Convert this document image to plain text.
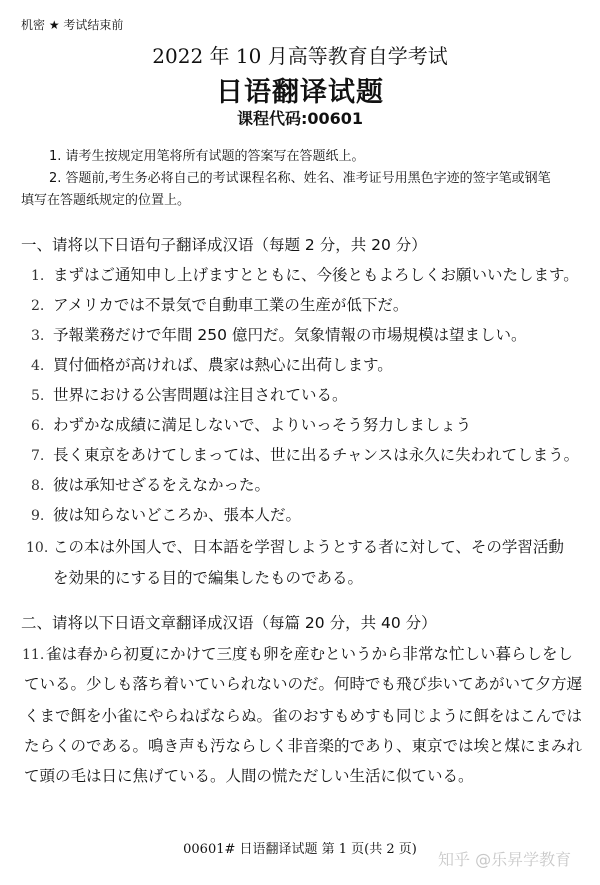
机密 ★ 考试结束前
2022 年 10 月高等教育自学考试
日语翻译试题
课程代码:00601
1. 请考生按规定用笔将所有试题的答案写在答题纸上。
2. 答题前,考生务必将自己的考试课程名称、姓名、准考证号用黑色字迹的签字笔或钢笔
填写在答题纸规定的位置上。
一、请将以下日语句子翻译成汉语（每题 2 分，共 20 分）
1. まずはご通知申し上げますとともに、今後ともよろしくお願いいたします。
2. アメリカでは不景気で自動車工業の生産が低下だ。
3. 予報業務だけで年間 250 億円だ。気象情報の市場規模は望ましい。
4. 買付価格が高ければ、農家は熱心に出荷します。
5. 世界における公害問題は注目されている。
6. わずかな成績に満足しないで、よりいっそう努力しましょう
7. 長く東京をあけてしまっては、世に出るチャンスは永久に失われてしまう。
8. 彼は承知せざるをえなかった。
9. 彼は知らないどころか、張本人だ。
10. この本は外国人で、日本語を学習しようとする者に対して、その学習活動
を効果的にする目的で編集したものである。
二、请将以下日语文章翻译成汉语（每篇 20 分，共 40 分）
11. 雀は春から初夏にかけて三度も卵を産むというから非常な忙しい暮らしをし
ている。少しも落ち着いていられないのだ。何時でも飛び歩いてあがいて夕方遅
くまで餌を小雀にやらねばならぬ。雀のおすもめすも同じように餌をはこんでは
たらくのである。鳴き声も汚ならしく非音楽的であり、東京では埃と煤にまみれ
て頭の毛は日に焦げている。人間の慌ただしい生活に似ている。
00601# 日语翻译试题 第 1 页(共 2 页)
知乎 @乐昇学教育
